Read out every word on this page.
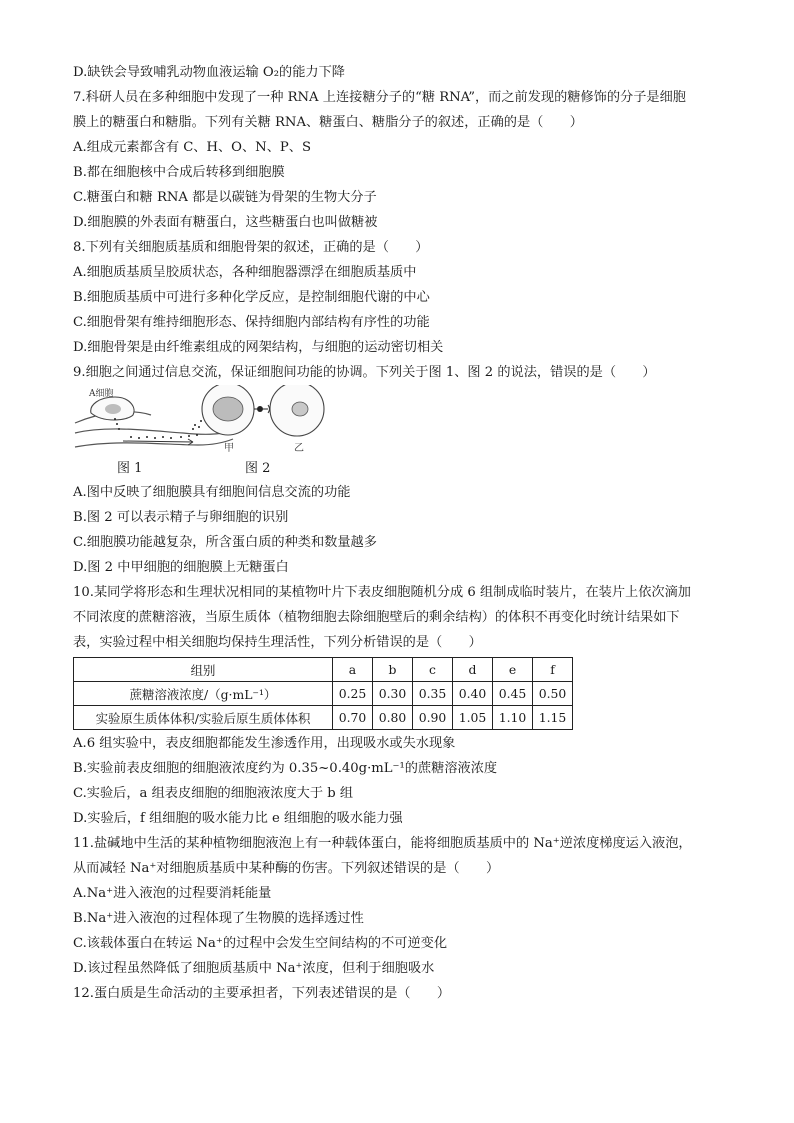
D.缺铁会导致哺乳动物血液运输 O₂的能力下降
7.科研人员在多种细胞中发现了一种 RNA 上连接糖分子的“糖 RNA”，而之前发现的糖修饰的分子是细胞
膜上的糖蛋白和糖脂。下列有关糖 RNA、糖蛋白、糖脂分子的叙述，正确的是（　　）
A.组成元素都含有 C、H、O、N、P、S
B.都在细胞核中合成后转移到细胞膜
C.糖蛋白和糖 RNA 都是以碳链为骨架的生物大分子
D.细胞膜的外表面有糖蛋白，这些糖蛋白也叫做糖被
8.下列有关细胞质基质和细胞骨架的叙述，正确的是（　　）
A.细胞质基质呈胶质状态，各种细胞器漂浮在细胞质基质中
B.细胞质基质中可进行多种化学反应，是控制细胞代谢的中心
C.细胞骨架有维持细胞形态、保持细胞内部结构有序性的功能
D.细胞骨架是由纤维素组成的网架结构，与细胞的运动密切相关
9.细胞之间通过信息交流，保证细胞间功能的协调。下列关于图 1、图 2 的说法，错误的是（　　）
A细胞
甲	乙
图 1	图 2
A.图中反映了细胞膜具有细胞间信息交流的功能
B.图 2 可以表示精子与卵细胞的识别
C.细胞膜功能越复杂，所含蛋白质的种类和数量越多
D.图 2 中甲细胞的细胞膜上无糖蛋白
10.某同学将形态和生理状况相同的某植物叶片下表皮细胞随机分成 6 组制成临时装片，在装片上依次滴加
不同浓度的蔗糖溶液，当原生质体（植物细胞去除细胞壁后的剩余结构）的体积不再变化时统计结果如下
表，实验过程中相关细胞均保持生理活性，下列分析错误的是（　　）
组别	a	b	c	d	e	f
蔗糖溶液浓度/（g·mL⁻¹）	0.25	0.30	0.35	0.40	0.45	0.50
实验原生质体体积/实验后原生质体体积	0.70	0.80	0.90	1.05	1.10	1.15
A.6 组实验中，表皮细胞都能发生渗透作用，出现吸水或失水现象
B.实验前表皮细胞的细胞液浓度约为 0.35~0.40g·mL⁻¹的蔗糖溶液浓度
C.实验后，a 组表皮细胞的细胞液浓度大于 b 组
D.实验后，f 组细胞的吸水能力比 e 组细胞的吸水能力强
11.盐碱地中生活的某种植物细胞液泡上有一种载体蛋白，能将细胞质基质中的 Na⁺逆浓度梯度运入液泡，
从而减轻 Na⁺对细胞质基质中某种酶的伤害。下列叙述错误的是（　　）
A.Na⁺进入液泡的过程要消耗能量
B.Na⁺进入液泡的过程体现了生物膜的选择透过性
C.该载体蛋白在转运 Na⁺的过程中会发生空间结构的不可逆变化
D.该过程虽然降低了细胞质基质中 Na⁺浓度，但利于细胞吸水
12.蛋白质是生命活动的主要承担者，下列表述错误的是（　　）
